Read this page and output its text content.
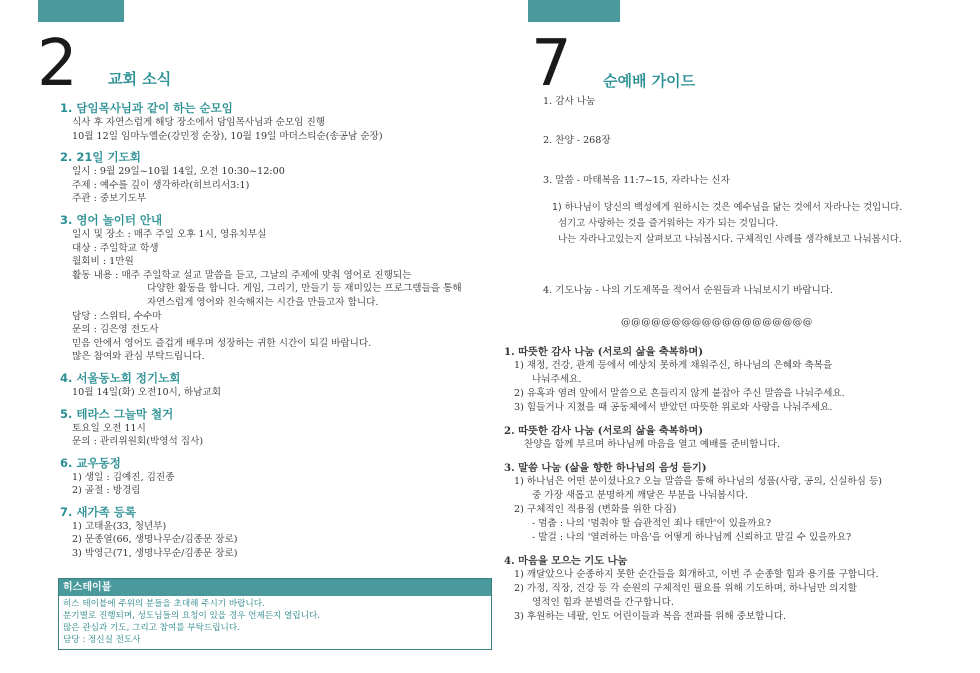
2 교회 소식

1. 담임목사님과 같이 하는 순모임

식사 후 자연스럽게 해당 장소에서 담임목사님과 순모임 진행

10월 12일 임마누엘순(강민정 순장), 10월 19일 마더스티순(송공남 순장)

2. 21일 기도회

일시 : 9월 29일~10월 14일, 오전 10:30~12:00

주제 : 예수를 깊이 생각하라(히브리서3:1)

주관 : 중보기도부

3. 영어 놀이터 안내

일시 및 장소 : 매주 주일 오후 1시, 영유치부실

대상 : 주일학교 학생

월회비 : 1만원

활동 내용 : 매주 주일학교 설교 말씀을 듣고, 그날의 주제에 맞춰 영어로 진행되는

다양한 활동을 합니다. 게임, 그리기, 만들기 등 재미있는 프로그램들을 통해

자연스럽게 영어와 친숙해지는 시간을 만들고자 합니다.

담당 : 스위티, 수수마

문의 : 김은영 전도사

믿음 안에서 영어도 즐겁게 배우며 성장하는 귀한 시간이 되길 바랍니다.

많은 참여와 관심 부탁드립니다.

4. 서울동노회 정기노회

10월 14일(화) 오전10시, 하남교회

5. 테라스 그늘막 철거

토요일 오전 11시

문의 : 관리위원회(박영석 집사)

6. 교우동정

1) 생일 : 김예진, 김진종

2) 골절 : 방경림

7. 새가족 등록

1) 고태윤(33, 청년부)

2) 문종열(66, 생명나무순/김종문 장로)

3) 박영근(71, 생명나무순/김종문 장로)

히스테이블

히스 테이블에 주위의 분들을 초대해 주시기 바랍니다.

분기별로 진행되며, 성도님들의 요청이 있을 경우 언제든지 열립니다.

많은 관심과 기도, 그리고 참여를 부탁드립니다.

담당 : 정신실 전도사

7 순예배 가이드

1. 감사 나눔

2. 찬양 - 268장

3. 말씀 - 마태복음 11:7~15, 자라나는 신자

1) 하나님이 당신의 백성에게 원하시는 것은 예수님을 닮는 것에서 자라나는 것입니다.

섬기고 사랑하는 것을 즐거워하는 자가 되는 것입니다.

나는 자라나고있는지 살펴보고 나눠봅시다. 구체적인 사례를 생각해보고 나눠봅시다.

4. 기도나눔 - 나의 기도제목을 적어서 순원들과 나눠보시기 바랍니다.

@@@@@@@@@@@@@@@@@@@

1. 따뜻한 감사 나눔 (서로의 삶을 축복하며)

1) 재정, 건강, 관계 등에서 예상치 못하게 채워주신, 하나님의 은혜와 축복을

나눠주세요.

2) 유혹과 염려 앞에서 말씀으로 흔들리지 않게 붙잡아 주신 말씀을 나눠주세요.

3) 힘들거나 지쳤을 때 공동체에서 받았던 따뜻한 위로와 사랑을 나눠주세요.

2. 따뜻한 감사 나눔 (서로의 삶을 축복하며)

찬양을 함께 부르며 하나님께 마음을 열고 예배를 준비합니다.

3. 말씀 나눔 (삶을 향한 하나님의 음성 듣기)

1) 하나님은 어떤 분이셨나요? 오늘 말씀을 통해 하나님의 성품(사랑, 공의, 신실하심 등)

중 가장 새롭고 분명하게 깨달은 부분을 나눠봅시다.

2) 구체적인 적용점 (변화를 위한 다짐)

- 멈춤 : 나의 '멈춰야 할 습관적인 죄나 태만'이 있을까요?

- 발걸 : 나의 '열려하는 마음'을 어떻게 하나님께 신뢰하고 맡길 수 있을까요?

4. 마음을 모으는 기도 나눔

1) 깨달았으나 순종하지 못한 순간들을 회개하고, 이번 주 순종할 힘과 용기를 구합니다.

2) 가정, 직장, 건강 등 각 순원의 구체적인 필요를 위해 기도하며, 하나님만 의지할

영적인 힘과 분별력을 간구합니다.

3) 후원하는 네팔, 인도 어린이들과 복음 전파를 위해 중보합니다.
